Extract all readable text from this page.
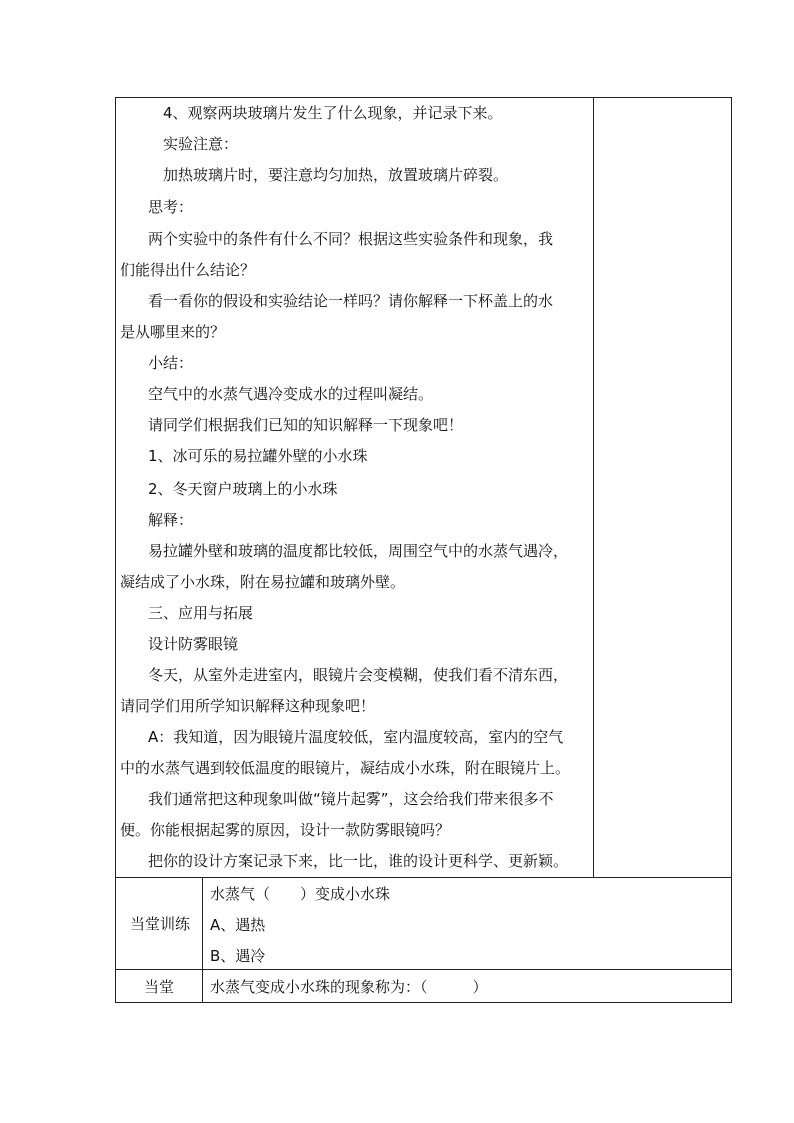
4、观察两块玻璃片发生了什么现象，并记录下来。
实验注意：
加热玻璃片时，要注意均匀加热，放置玻璃片碎裂。
思考：
两个实验中的条件有什么不同？根据这些实验条件和现象，我
们能得出什么结论？
看一看你的假设和实验结论一样吗？请你解释一下杯盖上的水
是从哪里来的？
小结：
空气中的水蒸气遇冷变成水的过程叫凝结。
请同学们根据我们已知的知识解释一下现象吧！
1、冰可乐的易拉罐外壁的小水珠
2、冬天窗户玻璃上的小水珠
解释：
易拉罐外壁和玻璃的温度都比较低，周围空气中的水蒸气遇冷，
凝结成了小水珠，附在易拉罐和玻璃外壁。
三、应用与拓展
设计防雾眼镜
冬天，从室外走进室内，眼镜片会变模糊，使我们看不清东西，
请同学们用所学知识解释这种现象吧！
A：我知道，因为眼镜片温度较低，室内温度较高，室内的空气
中的水蒸气遇到较低温度的眼镜片，凝结成小水珠，附在眼镜片上。
我们通常把这种现象叫做“镜片起雾”，这会给我们带来很多不
便。你能根据起雾的原因，设计一款防雾眼镜吗？
把你的设计方案记录下来，比一比，谁的设计更科学、更新颖。
当堂训练
水蒸气（　　）变成小水珠
A、遇热
B、遇冷
当堂 水蒸气变成小水珠的现象称为：（　　　）
